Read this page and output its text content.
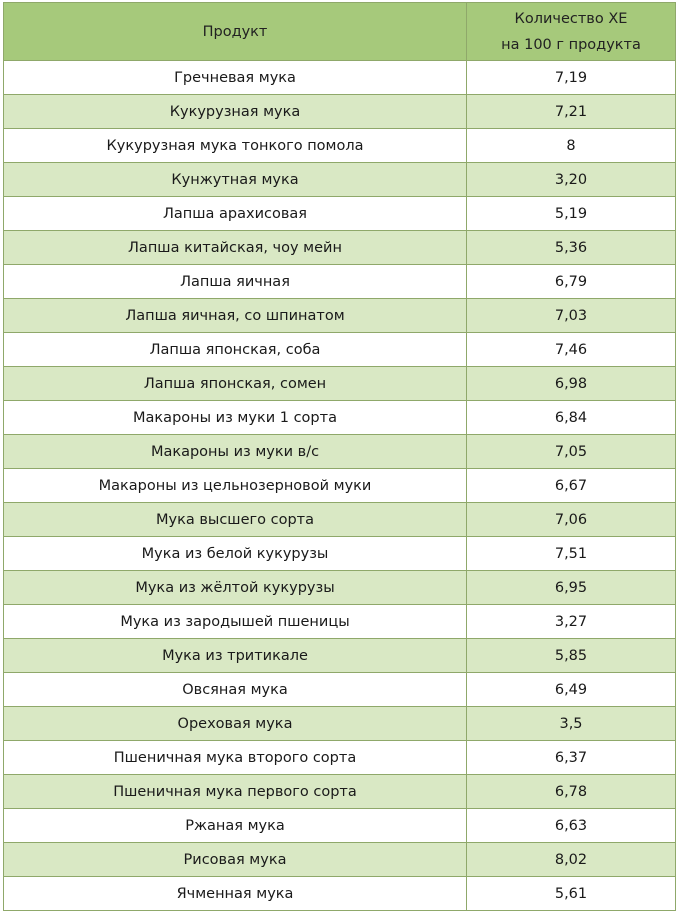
Продукт	Количество ХЕ
на 100 г продукта

Гречневая мука	7,19
Кукурузная мука	7,21
Кукурузная мука тонкого помола	8
Кунжутная мука	3,20
Лапша арахисовая	5,19
Лапша китайская, чоу мейн	5,36
Лапша яичная	6,79
Лапша яичная, со шпинатом	7,03
Лапша японская, соба	7,46
Лапша японская, сомен	6,98
Макароны из муки 1 сорта	6,84
Макароны из муки в/с	7,05
Макароны из цельнозерновой муки	6,67
Мука высшего сорта	7,06
Мука из белой кукурузы	7,51
Мука из жёлтой кукурузы	6,95
Мука из зародышей пшеницы	3,27
Мука из тритикале	5,85
Овсяная мука	6,49
Ореховая мука	3,5
Пшеничная мука второго сорта	6,37
Пшеничная мука первого сорта	6,78
Ржаная мука	6,63
Рисовая мука	8,02
Ячменная мука	5,61
